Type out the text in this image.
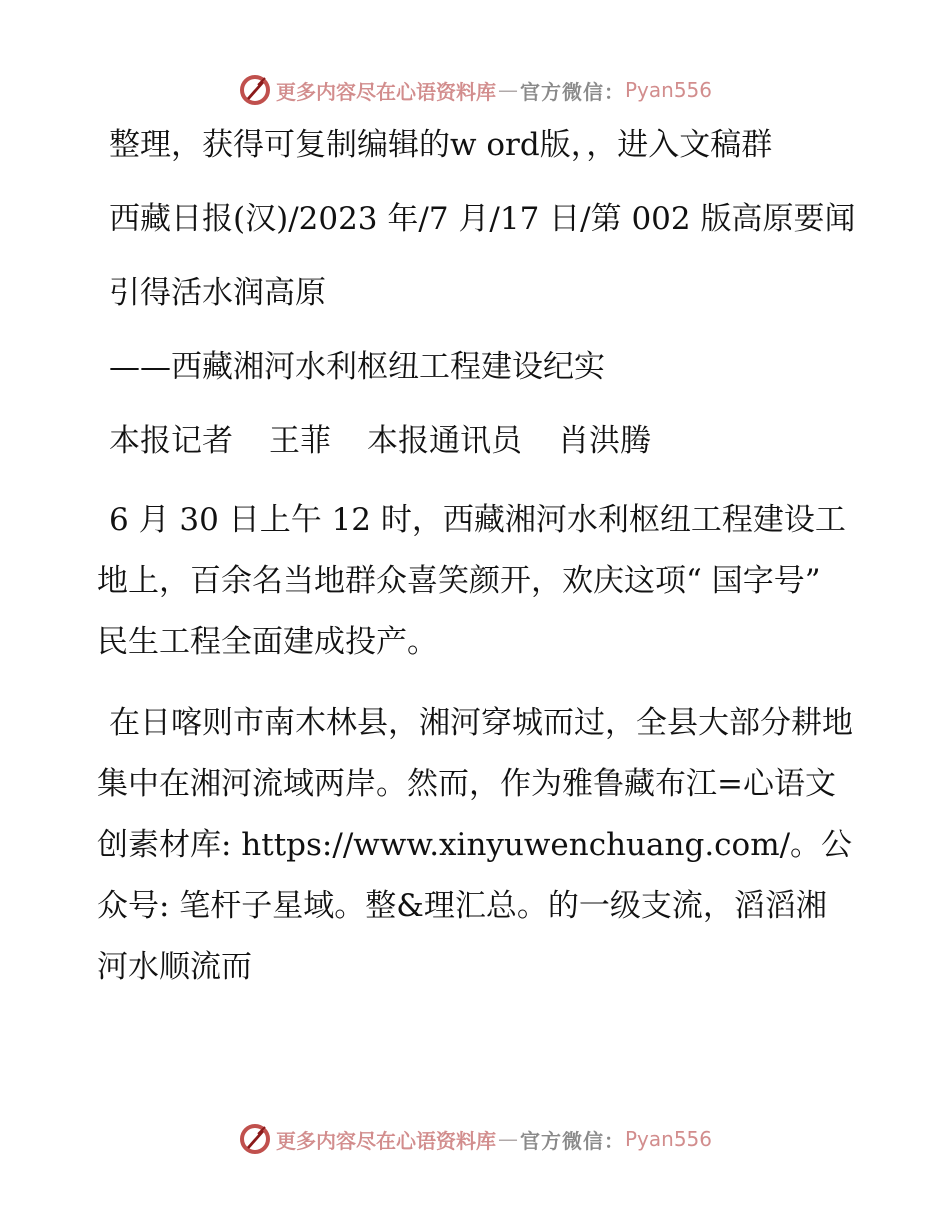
更多内容尽在心语资料库 — 官方微信： Pyan556

整理，获得可复制编辑的w ord版，，进入文稿群

西藏日报(汉)/2023 年/7 月/17 日/第 002 版高原要闻

引得活水润高原

——西藏湘河水利枢纽工程建设纪实

本报记者 王菲 本报通讯员 肖洪腾

6 月 30 日上午 12 时，西藏湘河水利枢纽工程建设工地上，百余名当地群众喜笑颜开，欢庆这项“ 国字号” 民生工程全面建成投产。

在日喀则市南木林县，湘河穿城而过，全县大部分耕地集中在湘河流域两岸。然而，作为雅鲁藏布江=心语文创素材库: https://www.xinyuwenchuang.com/。公众号: 笔杆子星域。整&理汇总。的一级支流，滔滔湘河水顺流而

更多内容尽在心语资料库 — 官方微信： Pyan556
